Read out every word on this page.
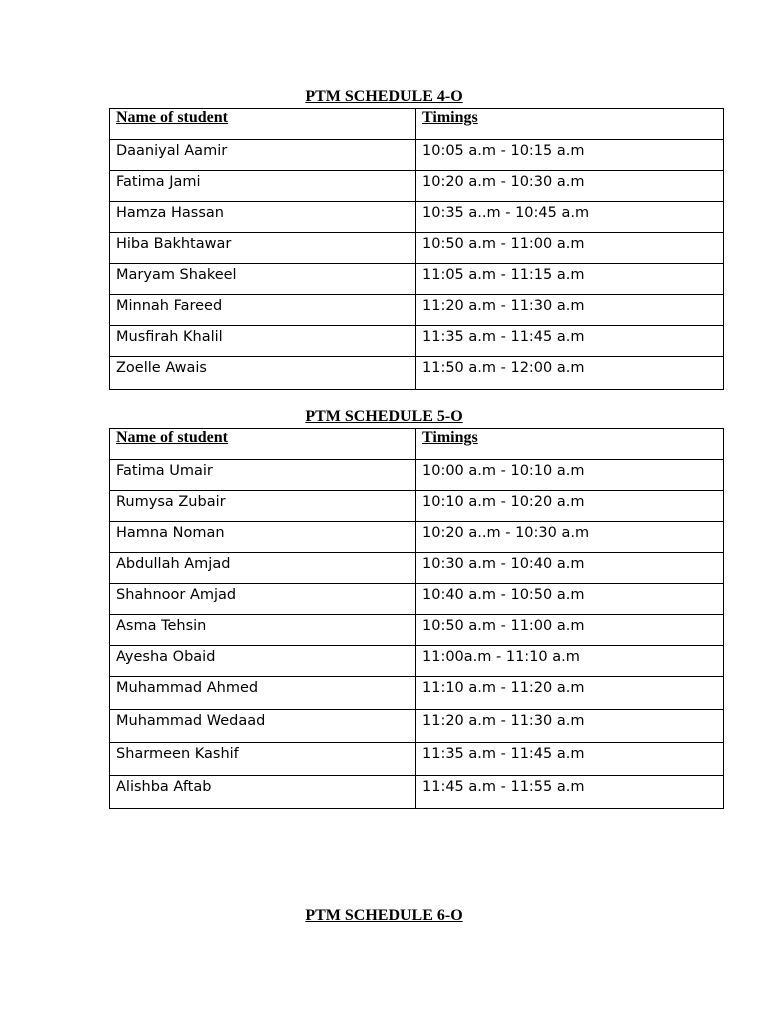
PTM SCHEDULE 4-O
Name of student	Timings
Daaniyal Aamir	10:05 a.m - 10:15 a.m
Fatima Jami	10:20 a.m - 10:30 a.m
Hamza Hassan	10:35 a..m - 10:45 a.m
Hiba Bakhtawar	10:50 a.m - 11:00 a.m
Maryam Shakeel	11:05 a.m - 11:15 a.m
Minnah Fareed	11:20 a.m - 11:30 a.m
Musfirah Khalil	11:35 a.m - 11:45 a.m
Zoelle Awais	11:50 a.m - 12:00 a.m
PTM SCHEDULE 5-O
Name of student	Timings
Fatima Umair	10:00 a.m - 10:10 a.m
Rumysa Zubair	10:10 a.m - 10:20 a.m
Hamna Noman	10:20 a..m - 10:30 a.m
Abdullah Amjad	10:30 a.m - 10:40 a.m
Shahnoor Amjad	10:40 a.m - 10:50 a.m
Asma Tehsin	10:50 a.m - 11:00 a.m
Ayesha Obaid	11:00a.m - 11:10 a.m
Muhammad Ahmed	11:10 a.m - 11:20 a.m
Muhammad Wedaad	11:20 a.m - 11:30 a.m
Sharmeen Kashif	11:35 a.m - 11:45 a.m
Alishba Aftab	11:45 a.m - 11:55 a.m
PTM SCHEDULE 6-O
